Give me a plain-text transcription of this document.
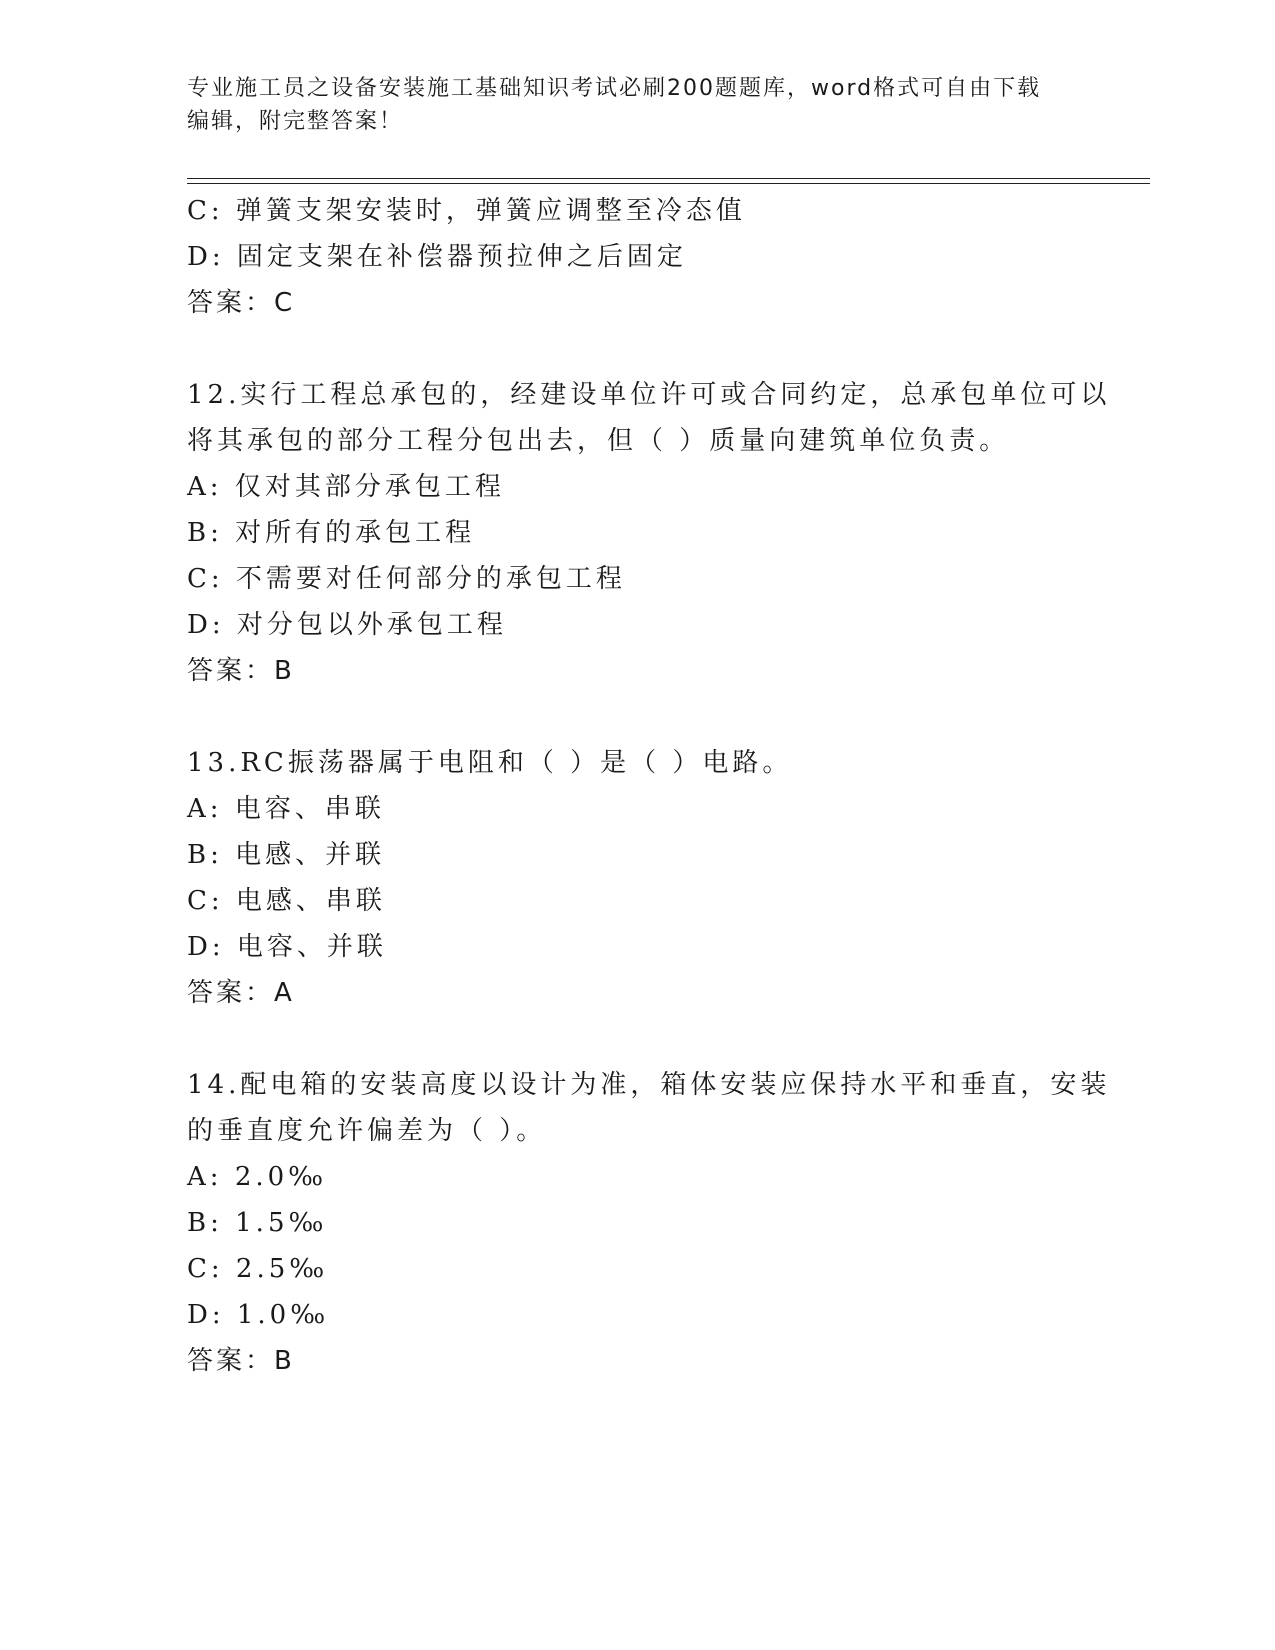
专业施工员之设备安装施工基础知识考试必刷200题题库，word格式可自由下载
编辑，附完整答案！
C: 弹簧支架安装时，弹簧应调整至冷态值
D: 固定支架在补偿器预拉伸之后固定
答案：C
12.实行工程总承包的，经建设单位许可或合同约定，总承包单位可以
将其承包的部分工程分包出去，但（ ）质量向建筑单位负责。
A: 仅对其部分承包工程
B: 对所有的承包工程
C: 不需要对任何部分的承包工程
D: 对分包以外承包工程
答案：B
13.RC振荡器属于电阻和（ ）是（ ）电路。
A: 电容、串联
B: 电感、并联
C: 电感、串联
D: 电容、并联
答案：A
14.配电箱的安装高度以设计为准，箱体安装应保持水平和垂直，安装
的垂直度允许偏差为（ ）。
A: 2.0‰
B: 1.5‰
C: 2.5‰
D: 1.0‰
答案：B
